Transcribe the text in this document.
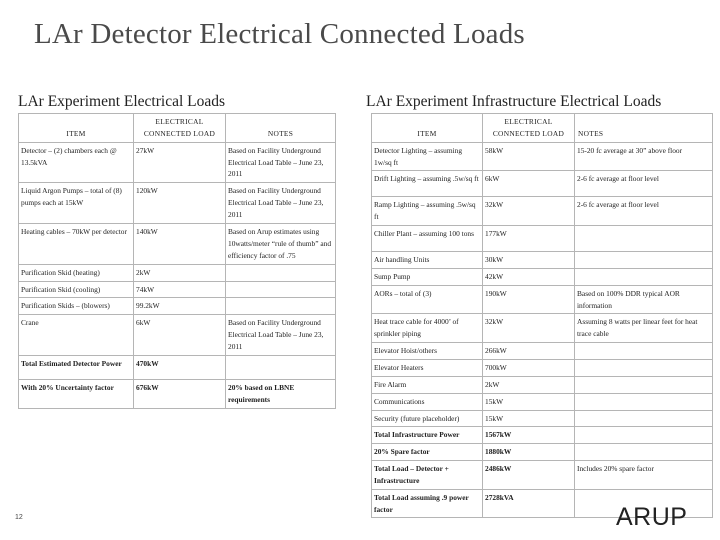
LAr Detector Electrical Connected Loads
LAr Experiment Electrical Loads	LAr Experiment Infrastructure Electrical Loads
ITEM	ELECTRICAL CONNECTED LOAD	NOTES
Detector – (2) chambers each @ 13.5kVA	27kW	Based on Facility Underground Electrical Load Table – June 23, 2011
Liquid Argon Pumps – total of (8) pumps each at 15kW	120kW	Based on Facility Underground Electrical Load Table – June 23, 2011
Heating cables – 70kW per detector	140kW	Based on Arup estimates using 10watts/meter “rule of thumb” and efficiency factor of .75
Purification Skid (heating)	2kW	
Purification Skid (cooling)	74kW	
Purification Skids – (blowers)	99.2kW	
Crane	6kW	Based on Facility Underground Electrical Load Table – June 23, 2011
Total Estimated Detector Power	470kW	
With 20% Uncertainty factor	676kW	20% based on LBNE requirements
ITEM	ELECTRICAL CONNECTED LOAD	NOTES
Detector Lighting – assuming 1w/sq ft	58kW	15-20 fc average at 30” above floor
Drift Lighting – assuming .5w/sq ft	6kW	2-6 fc average at floor level
Ramp Lighting – assuming .5w/sq ft	32kW	2-6 fc average at floor level
Chiller Plant – assuming 100 tons	177kW	
Air handling Units	30kW	
Sump Pump	42kW	
AORs – total of (3)	190kW	Based on 100% DDR typical AOR information
Heat trace cable for 4000’ of sprinkler piping	32kW	Assuming 8 watts per linear feet for heat trace cable
Elevator Hoist/others	266kW	
Elevator Heaters	700kW	
Fire Alarm	2kW	
Communications	15kW	
Security (future placeholder)	15kW	
Total Infrastructure Power	1567kW	
20% Spare factor	1880kW	
Total Load – Detector + Infrastructure	2486kW	Includes 20% spare factor
Total Load assuming .9 power factor	2728kVA	
12	ARUP
